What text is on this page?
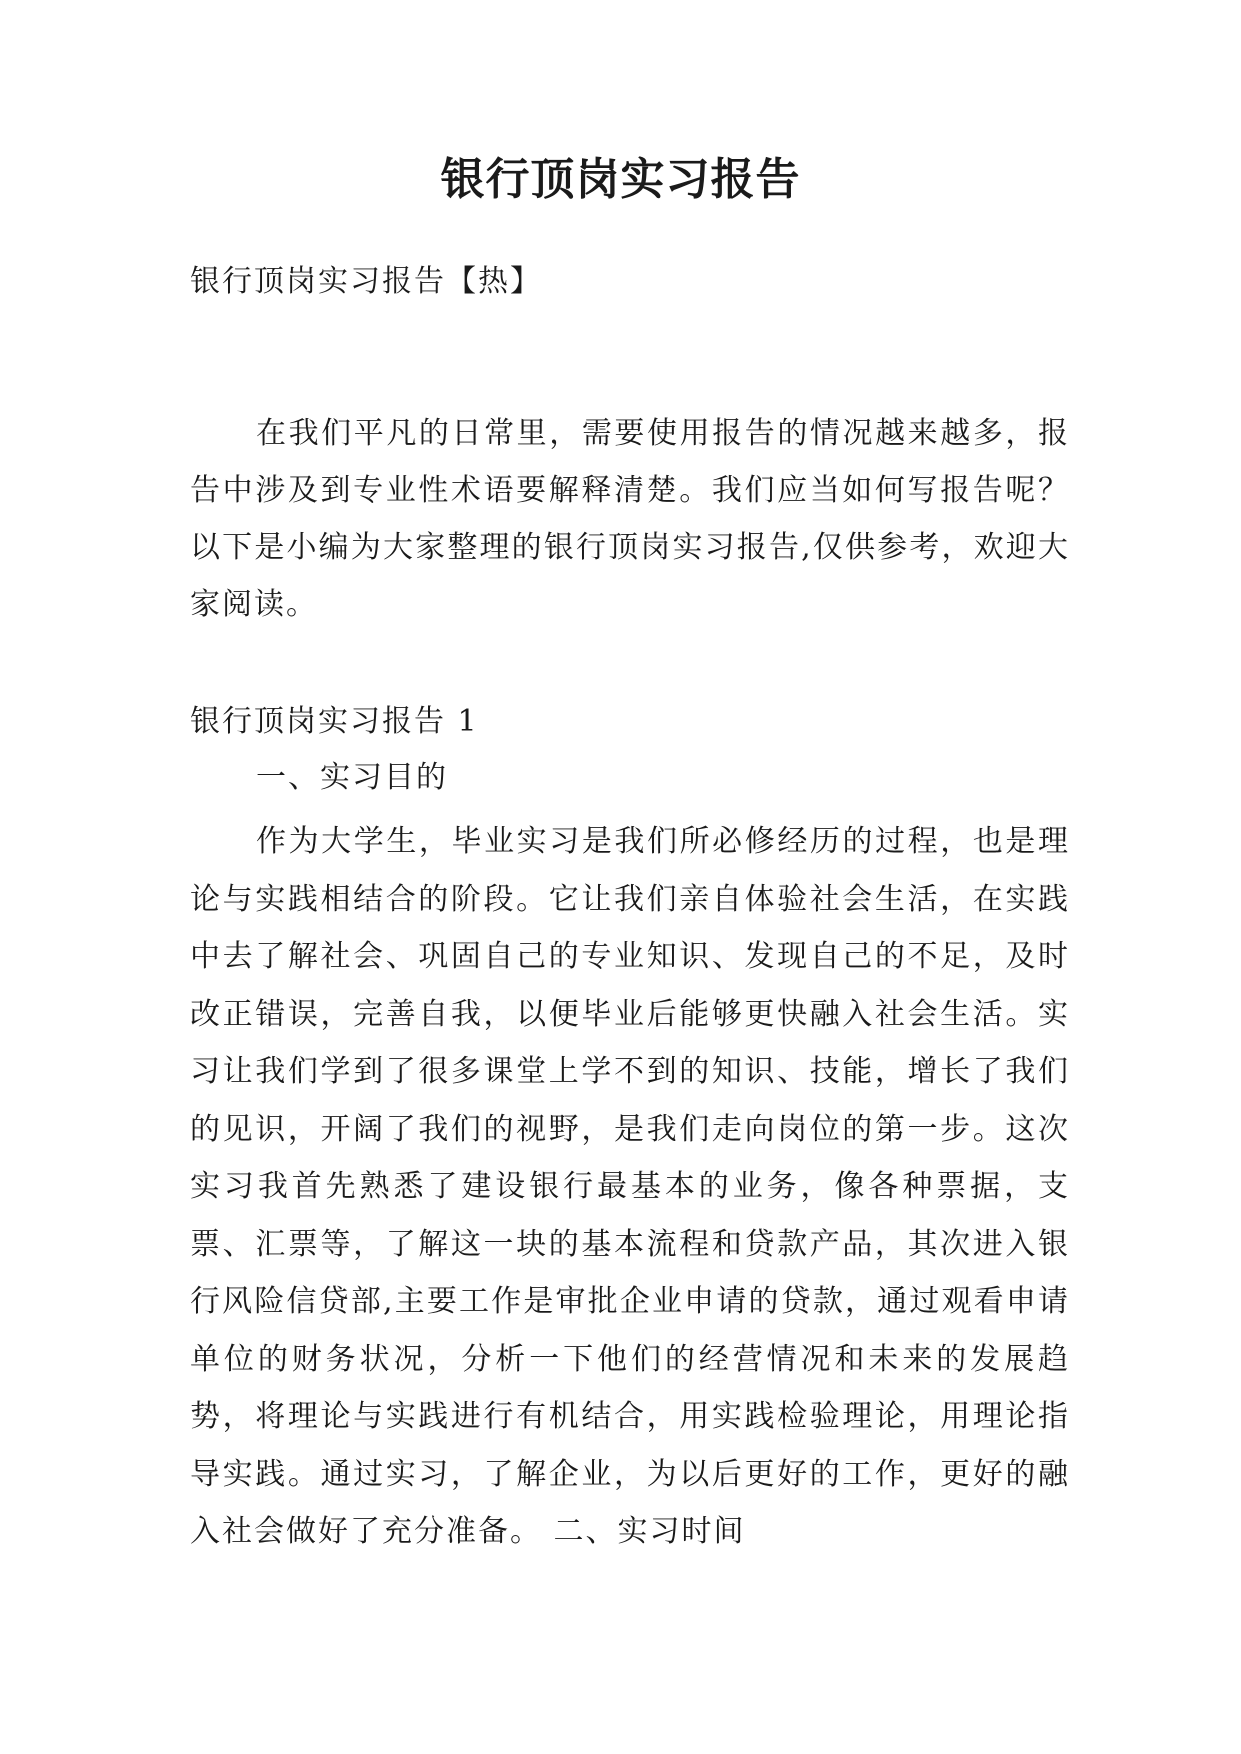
银行顶岗实习报告
银行顶岗实习报告【热】

在我们平凡的日常里，需要使用报告的情况越来越多，报告中涉及到专业性术语要解释清楚。我们应当如何写报告呢？以下是小编为大家整理的银行顶岗实习报告,仅供参考，欢迎大家阅读。

银行顶岗实习报告 1
一、实习目的

作为大学生，毕业实习是我们所必修经历的过程，也是理论与实践相结合的阶段。它让我们亲自体验社会生活，在实践中去了解社会、巩固自己的专业知识、发现自己的不足，及时改正错误，完善自我，以便毕业后能够更快融入社会生活。实习让我们学到了很多课堂上学不到的知识、技能，增长了我们的见识，开阔了我们的视野，是我们走向岗位的第一步。这次实习我首先熟悉了建设银行最基本的业务，像各种票据，支票、汇票等，了解这一块的基本流程和贷款产品，其次进入银行风险信贷部,主要工作是审批企业申请的贷款，通过观看申请单位的财务状况，分析一下他们的经营情况和未来的发展趋势，将理论与实践进行有机结合，用实践检验理论，用理论指导实践。通过实习，了解企业，为以后更好的工作，更好的融入社会做好了充分准备。 二、实习时间
